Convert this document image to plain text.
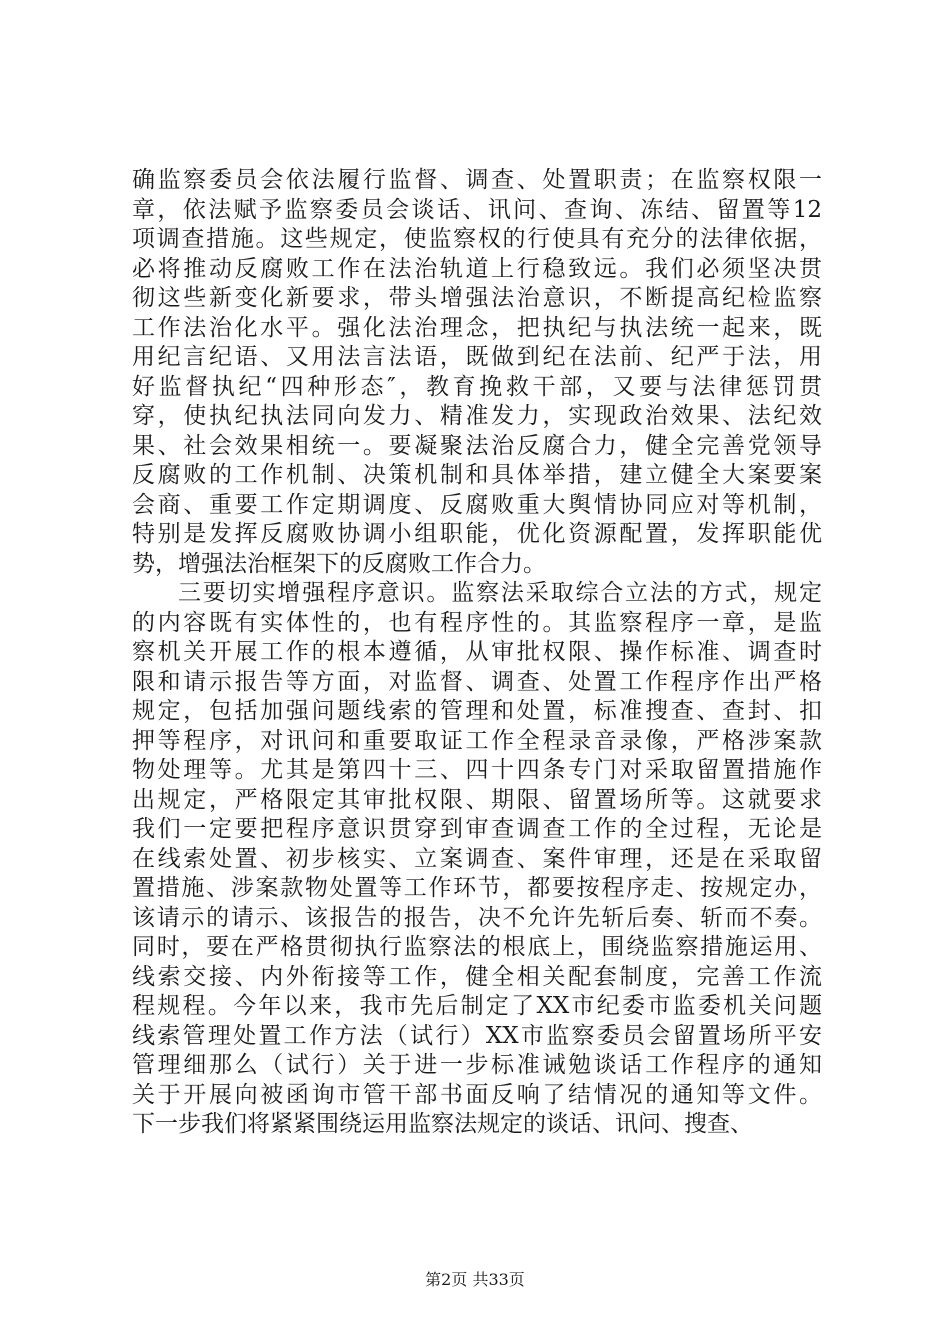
确监察委员会依法履行监督、调查、处置职责；在监察权限一
章，依法赋予监察委员会谈话、讯问、查询、冻结、留置等12
项调查措施。这些规定，使监察权的行使具有充分的法律依据，
必将推动反腐败工作在法治轨道上行稳致远。我们必须坚决贯
彻这些新变化新要求，带头增强法治意识，不断提高纪检监察
工作法治化水平。强化法治理念，把执纪与执法统一起来，既
用纪言纪语、又用法言法语，既做到纪在法前、纪严于法，用
好监督执纪“四种形态″，教育挽救干部，又要与法律惩罚贯
穿，使执纪执法同向发力、精准发力，实现政治效果、法纪效
果、社会效果相统一。要凝聚法治反腐合力，健全完善党领导
反腐败的工作机制、决策机制和具体举措，建立健全大案要案
会商、重要工作定期调度、反腐败重大舆情协同应对等机制，
特别是发挥反腐败协调小组职能，优化资源配置，发挥职能优
势，增强法治框架下的反腐败工作合力。
三要切实增强程序意识。监察法采取综合立法的方式，规定
的内容既有实体性的，也有程序性的。其监察程序一章，是监
察机关开展工作的根本遵循，从审批权限、操作标准、调查时
限和请示报告等方面，对监督、调查、处置工作程序作出严格
规定，包括加强问题线索的管理和处置，标准搜查、查封、扣
押等程序，对讯问和重要取证工作全程录音录像，严格涉案款
物处理等。尤其是第四十三、四十四条专门对采取留置措施作
出规定，严格限定其审批权限、期限、留置场所等。这就要求
我们一定要把程序意识贯穿到审查调查工作的全过程，无论是
在线索处置、初步核实、立案调查、案件审理，还是在采取留
置措施、涉案款物处置等工作环节，都要按程序走、按规定办，
该请示的请示、该报告的报告，决不允许先斩后奏、斩而不奏。
同时，要在严格贯彻执行监察法的根底上，围绕监察措施运用、
线索交接、内外衔接等工作，健全相关配套制度，完善工作流
程规程。今年以来，我市先后制定了XX市纪委市监委机关问题
线索管理处置工作方法（试行）XX市监察委员会留置场所平安
管理细那么（试行）关于进一步标准诫勉谈话工作程序的通知
关于开展向被函询市管干部书面反响了结情况的通知等文件。
下一步我们将紧紧围绕运用监察法规定的谈话、讯问、搜查、
第2页 共33页
